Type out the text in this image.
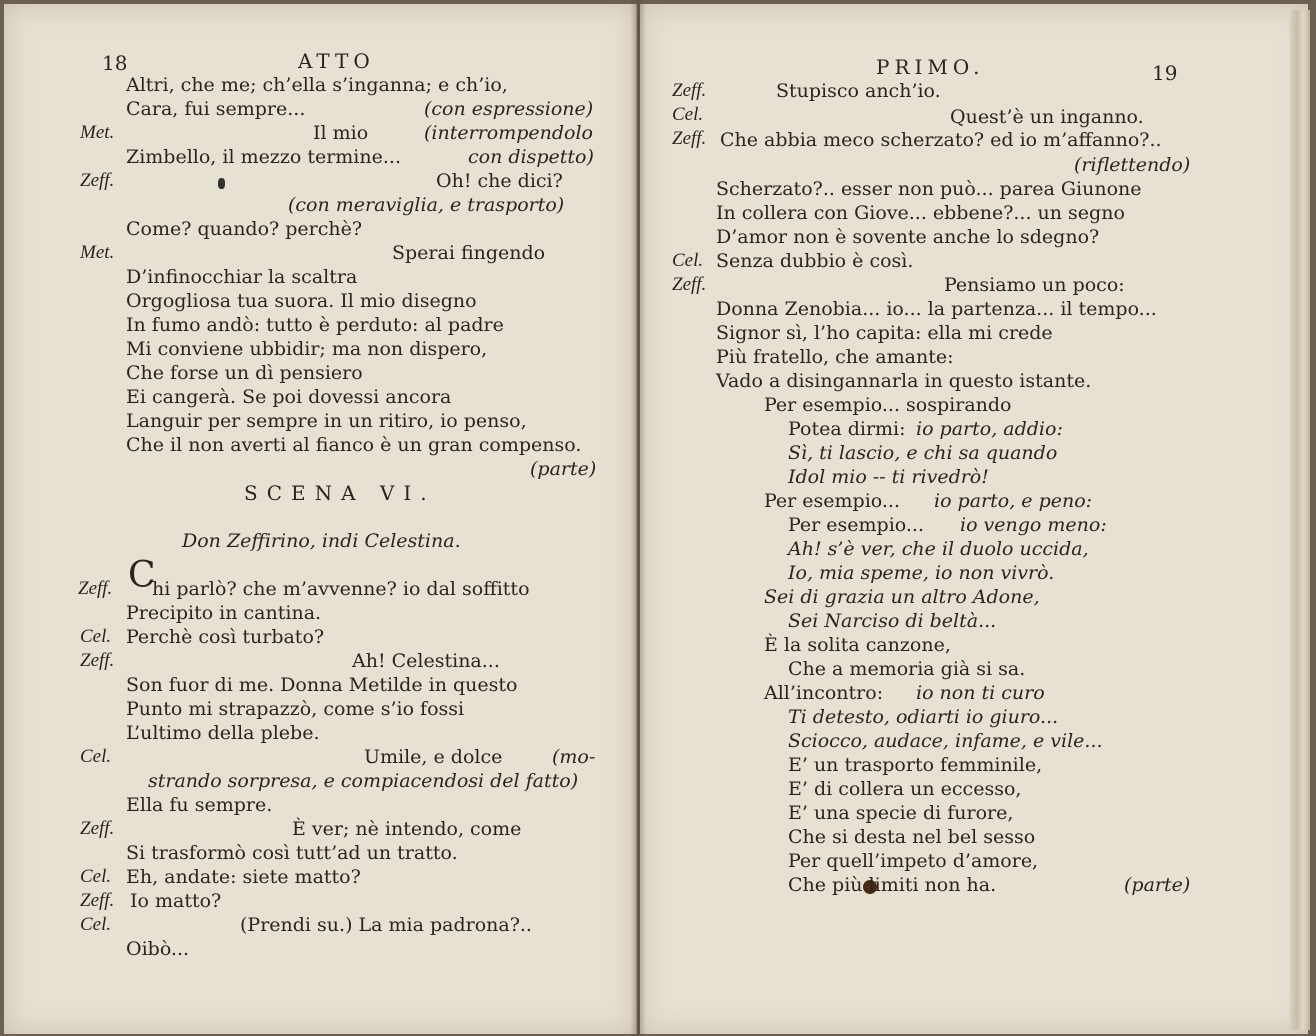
18	ATTO
Altri, che me; ch’ella s’inganna; e ch’io,
Cara, fui sempre...	(con espressione)
Met.	Il mio	(interrompendolo
Zimbello, il mezzo termine...	con dispetto)
Zeff.	Oh! che dici?
(con meraviglia, e trasporto)
Come? quando? perchè?
Met.	Sperai fingendo
D’infinocchiar la scaltra
Orgogliosa tua suora. Il mio disegno
In fumo andò: tutto è perduto: al padre
Mi conviene ubbidir; ma non dispero,
Che forse un dì pensiero
Ei cangerà. Se poi dovessi ancora
Languir per sempre in un ritiro, io penso,
Che il non averti al fianco è un gran compenso.
(parte)
SCENA VI.
Don Zeffirino, indi Celestina.
Zeff. C
hi parlò? che m’avvenne? io dal soffitto
Precipito in cantina.
Cel. Perchè così turbato?
Zeff.	Ah! Celestina...
Son fuor di me. Donna Metilde in questo
Punto mi strapazzò, come s’io fossi
L’ultimo della plebe.
Cel.	Umile, e dolce	(mo-
strando sorpresa, e compiacendosi del fatto)
Ella fu sempre.
Zeff.	È ver; nè intendo, come
Si trasformò così tutt’ad un tratto.
Cel. Eh, andate: siete matto?
Zeff. Io matto?
Cel.	(Prendi su.) La mia padrona?..
Oibò...
PRIMO.	19
Zeff.	Stupisco anch’io.
Cel.	Quest’è un inganno.
Zeff. Che abbia meco scherzato? ed io m’affanno?..
(riflettendo)
Scherzato?.. esser non può... parea Giunone
In collera con Giove... ebbene?... un segno
D’amor non è sovente anche lo sdegno?
Cel. Senza dubbio è così.
Zeff.	Pensiamo un poco:
Donna Zenobia... io... la partenza... il tempo...
Signor sì, l’ho capita: ella mi crede
Più fratello, che amante:
Vado a disingannarla in questo istante.
Per esempio... sospirando
Potea dirmi: io parto, addio:
Sì, ti lascio, e chi sa quando
Idol mio -- ti rivedrò!
Per esempio... io parto, e peno:
Per esempio... io vengo meno:
Ah! s’è ver, che il duolo uccida,
Io, mia speme, io non vivrò.
Sei di grazia un altro Adone,
Sei Narciso di beltà...
È la solita canzone,
Che a memoria già si sa.
All’incontro: io non ti curo
Ti detesto, odiarti io giuro...
Sciocco, audace, infame, e vile...
E’ un trasporto femminile,
E’ di collera un eccesso,
E’ una specie di furore,
Che si desta nel bel sesso
Per quell’impeto d’amore,
Che più limiti non ha.	(parte)
